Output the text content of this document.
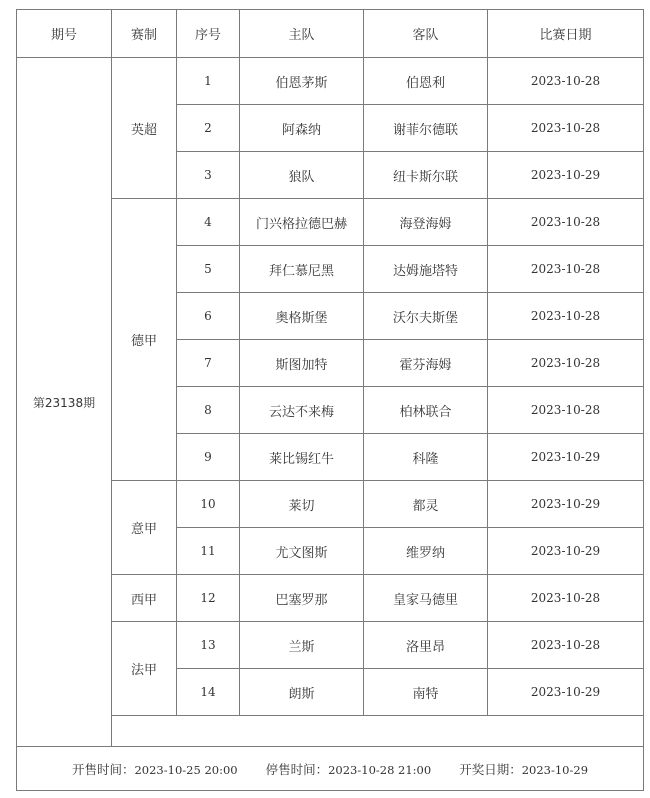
期号	赛制	序号	主队	客队	比赛日期
第23138期	英超	1	伯恩茅斯	伯恩利	2023-10-28
		2	阿森纳	谢菲尔德联	2023-10-28
		3	狼队	纽卡斯尔联	2023-10-29
	德甲	4	门兴格拉德巴赫	海登海姆	2023-10-28
		5	拜仁慕尼黑	达姆施塔特	2023-10-28
		6	奥格斯堡	沃尔夫斯堡	2023-10-28
		7	斯图加特	霍芬海姆	2023-10-28
		8	云达不来梅	柏林联合	2023-10-28
		9	莱比锡红牛	科隆	2023-10-29
	意甲	10	莱切	都灵	2023-10-29
		11	尤文图斯	维罗纳	2023-10-29
	西甲	12	巴塞罗那	皇家马德里	2023-10-28
	法甲	13	兰斯	洛里昂	2023-10-28
		14	朗斯	南特	2023-10-29

开售时间：2023-10-25 20:00 停售时间：2023-10-28 21:00 开奖日期：2023-10-29					
